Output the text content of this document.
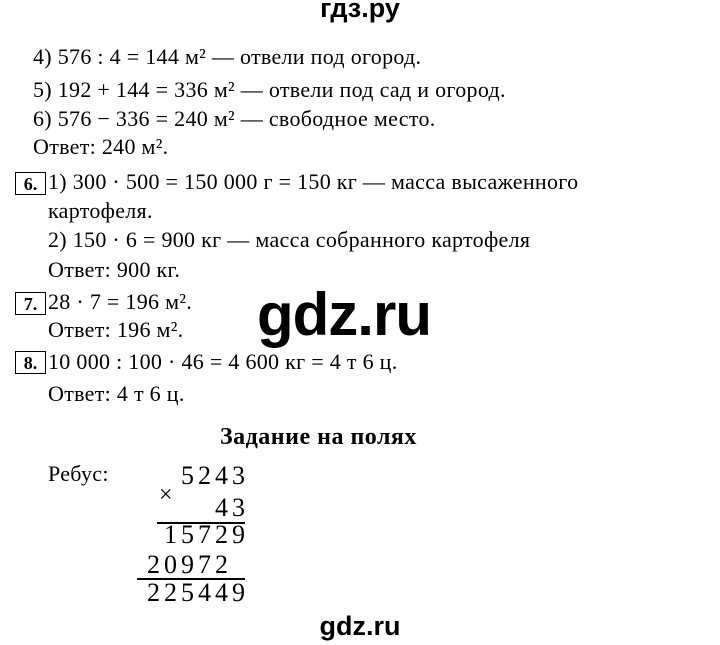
гдз.ру
4) 576 : 4 = 144 м² — отвели под огород.
5) 192 + 144 = 336 м² — отвели под сад и огород.
6) 576 − 336 = 240 м² — свободное место.
Ответ: 240 м².
6. 1) 300 · 500 = 150 000 г = 150 кг — масса высаженного
картофеля.
2) 150 · 6 = 900 кг — масса собранного картофеля
Ответ: 900 кг.
7. 28 · 7 = 196 м².
Ответ: 196 м². gdz.ru
8. 10 000 : 100 · 46 = 4 600 кг = 4 т 6 ц.
Ответ: 4 т 6 ц.
Задание на полях
Ребус:
×
5243
43
15729
20972
225449
gdz.ru
